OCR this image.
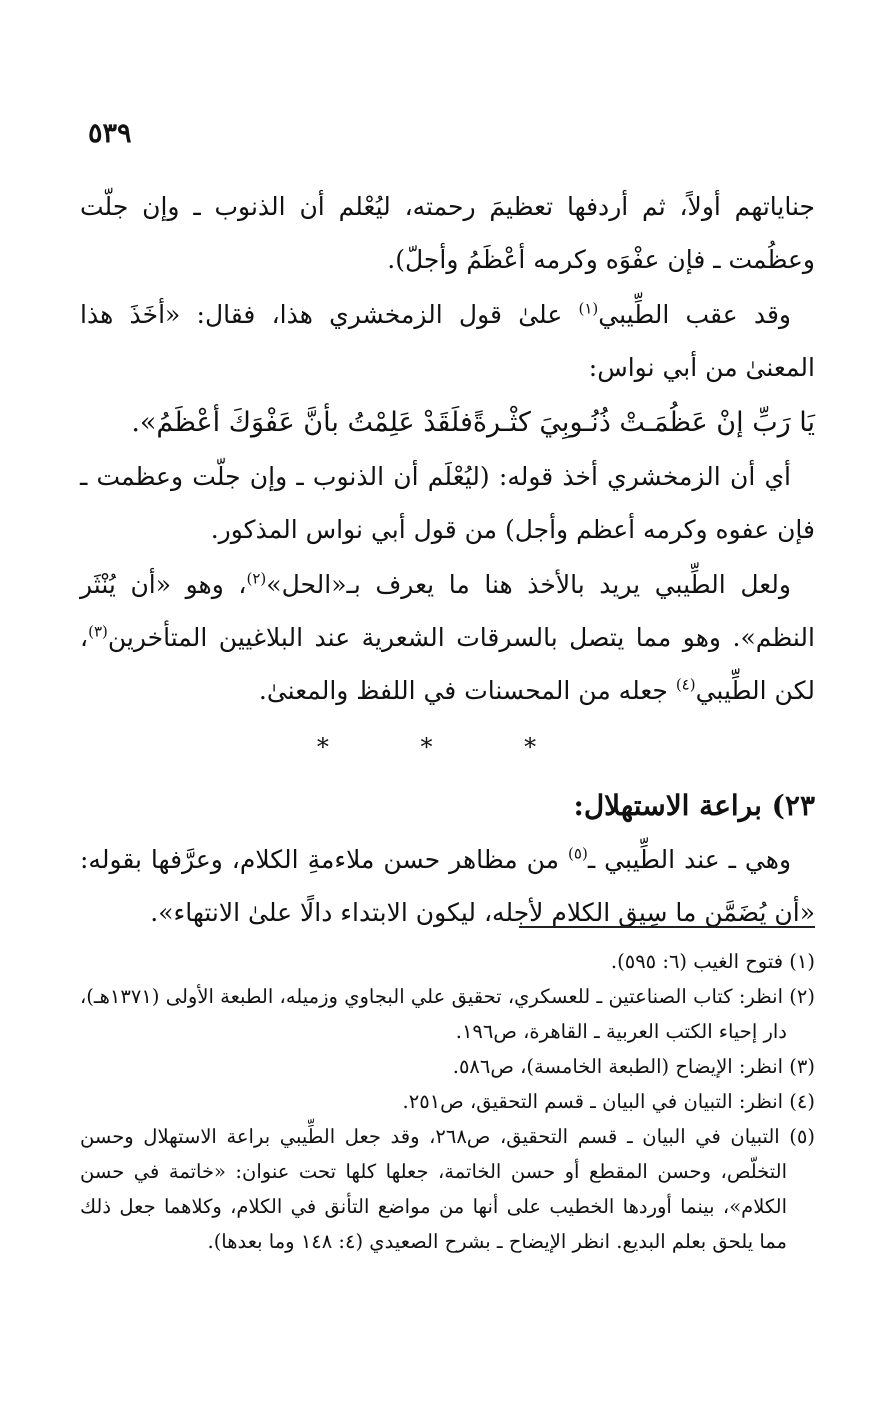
٥٣٩

جناياتهم أولاً، ثم أردفها تعظيمَ رحمته، ليُعْلم أن الذنوب ـ وإن جلّت وعظُمت ـ فإن عفْوَه وكرمه أعْظَمُ وأجلّ).

وقد عقب الطِّيبي$^{(١)}$ علىٰ قول الزمخشري هذا، فقال: «أخَذَ هذا المعنىٰ من أبي نواس:

يَا رَبِّ إنْ عَظُمَـتْ ذُنُـوبِيَ كثْـرةً
فلَقَدْ عَلِمْتُ بأنَّ عَفْوَكَ أعْظَمُ».

أي أن الزمخشري أخذ قوله: (ليُعْلَم أن الذنوب ـ وإن جلّت وعظمت ـ فإن عفوه وكرمه أعظم وأجل) من قول أبي نواس المذكور.

ولعل الطِّيبي يريد بالأخذ هنا ما يعرف بـ«الحل»$^{(٢)}$، وهو «أن يُنْثَر النظم». وهو مما يتصل بالسرقات الشعرية عند البلاغيين المتأخرين$^{(٣)}$، لكن الطِّيبي$^{(٤)}$ جعله من المحسنات في اللفظ والمعنىٰ.

* * *
٢٣) براعة الاستهلال:

وهي ـ عند الطِّيبي ـ$^{(٥)}$ من مظاهر حسن ملاءمةِ الكلام، وعرَّفها بقوله: «أن يُضَمَّن ما سِيق الكلام لأجله، ليكون الابتداء دالًا علىٰ الانتهاء».

(١) فتوح الغيب (٦: ٥٩٥).

(٢) انظر: كتاب الصناعتين ـ للعسكري، تحقيق علي البجاوي وزميله، الطبعة الأولى (١٣٧١هـ)، دار إحياء الكتب العربية ـ القاهرة، ص١٩٦.

(٣) انظر: الإيضاح (الطبعة الخامسة)، ص٥٨٦.

(٤) انظر: التبيان في البيان ـ قسم التحقيق، ص٢٥١.

(٥) التبيان في البيان ـ قسم التحقيق، ص٢٦٨، وقد جعل الطِّيبي براعة الاستهلال وحسن التخلّص، وحسن المقطع أو حسن الخاتمة، جعلها كلها تحت عنوان: «خاتمة في حسن الكلام»، بينما أوردها الخطيب على أنها من مواضع التأنق في الكلام، وكلاهما جعل ذلك مما يلحق بعلم البديع. انظر الإيضاح ـ بشرح الصعيدي (٤: ١٤٨ وما بعدها).
